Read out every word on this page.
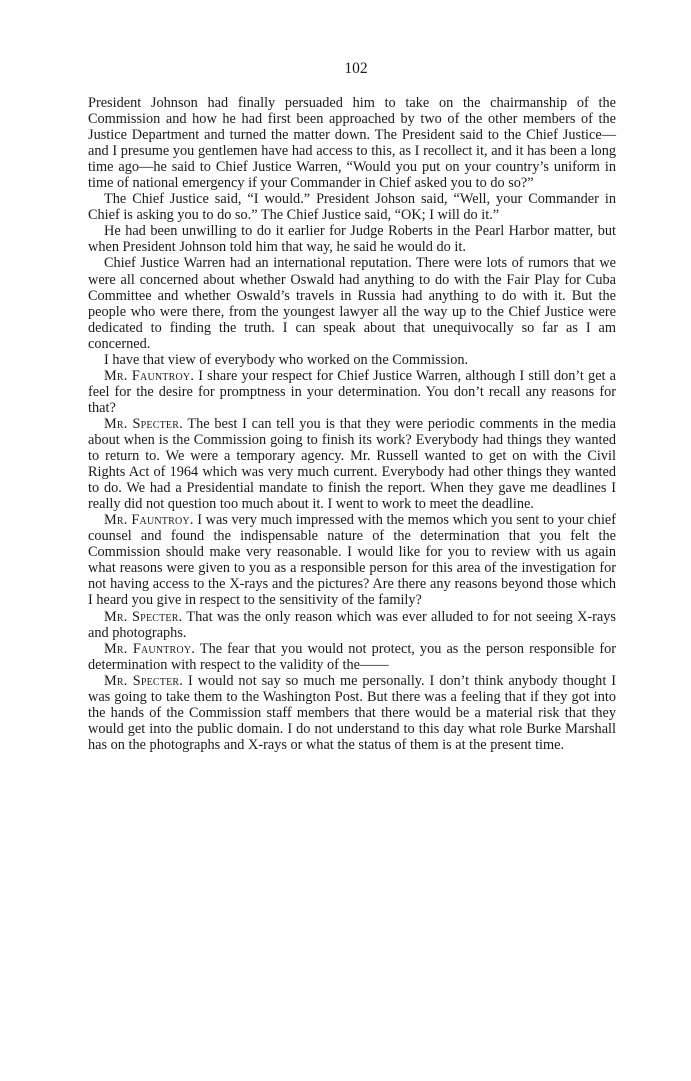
102

President Johnson had finally persuaded him to take on the chairmanship of the Commission and how he had first been approached by two of the other members of the Justice Department and turned the matter down. The President said to the Chief Justice—and I presume you gentlemen have had access to this, as I recollect it, and it has been a long time ago—he said to Chief Justice Warren, “Would you put on your country’s uniform in time of national emergency if your Commander in Chief asked you to do so?”

The Chief Justice said, “I would.” President Johson said, “Well, your Commander in Chief is asking you to do so.” The Chief Justice said, “OK; I will do it.”

He had been unwilling to do it earlier for Judge Roberts in the Pearl Harbor matter, but when President Johnson told him that way, he said he would do it.

Chief Justice Warren had an international reputation. There were lots of rumors that we were all concerned about whether Oswald had anything to do with the Fair Play for Cuba Committee and whether Oswald’s travels in Russia had anything to do with it. But the people who were there, from the youngest lawyer all the way up to the Chief Justice were dedicated to finding the truth. I can speak about that unequivocally so far as I am concerned.

I have that view of everybody who worked on the Commission.

Mr. Fauntroy. I share your respect for Chief Justice Warren, although I still don’t get a feel for the desire for promptness in your determination. You don’t recall any reasons for that?

Mr. Specter. The best I can tell you is that they were periodic comments in the media about when is the Commission going to finish its work? Everybody had things they wanted to return to. We were a temporary agency. Mr. Russell wanted to get on with the Civil Rights Act of 1964 which was very much current. Everybody had other things they wanted to do. We had a Presidential mandate to finish the report. When they gave me deadlines I really did not question too much about it. I went to work to meet the deadline.

Mr. Fauntroy. I was very much impressed with the memos which you sent to your chief counsel and found the indispensable nature of the determination that you felt the Commission should make very reasonable. I would like for you to review with us again what reasons were given to you as a responsible person for this area of the investigation for not having access to the X-rays and the pictures? Are there any reasons beyond those which I heard you give in respect to the sensitivity of the family?

Mr. Specter. That was the only reason which was ever alluded to for not seeing X-rays and photographs.

Mr. Fauntroy. The fear that you would not protect, you as the person responsible for determination with respect to the validity of the——

Mr. Specter. I would not say so much me personally. I don’t think anybody thought I was going to take them to the Washington Post. But there was a feeling that if they got into the hands of the Commission staff members that there would be a material risk that they would get into the public domain. I do not understand to this day what role Burke Marshall has on the photographs and X-rays or what the status of them is at the present time.
